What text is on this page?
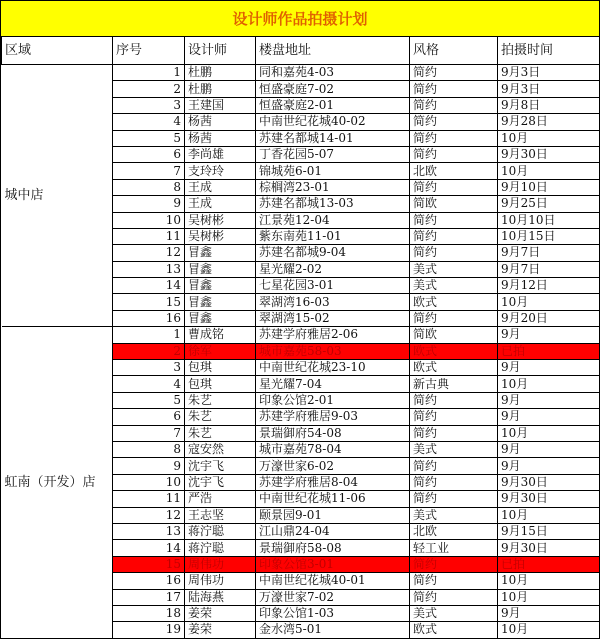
设计师作品拍摄计划
区域	序号	设计师	楼盘地址	风格	拍摄时间
城中店	1	杜鹏	同和嘉苑4-03	简约	9月3日
	2	杜鹏	恒盛豪庭7-02	简约	9月3日
	3	王建国	恒盛豪庭2-01	简约	9月8日
	4	杨茜	中南世纪花城40-02	简约	9月28日
	5	杨茜	苏建名都城14-01	简约	10月
	6	李尚雄	丁香花园5-07	简约	9月30日
	7	支玲玲	锦城苑6-01	北欧	10月
	8	王成	棕榈湾23-01	简约	9月10日
	9	王成	苏建名都城13-03	简欧	9月25日
	10	吴树彬	江景苑12-04	简约	10月10日
	11	吴树彬	紫东南苑11-01	简约	10月15日
	12	冒鑫	苏建名都城9-04	简约	9月7日
	13	冒鑫	星光耀2-02	美式	9月7日
	14	冒鑫	七星花园3-01	美式	9月12日
	15	冒鑫	翠湖湾16-03	欧式	10月
	16	冒鑫	翠湖湾15-02	简约	9月20日
虹南（开发）店	1	曹成铭	苏建学府雅居2-06	简欧	9月
	2	徐军	城市嘉苑58-03	欧式	已拍
	3	包琪	中南世纪花城23-10	欧式	9月
	4	包琪	星光耀7-04	新古典	10月
	5	朱艺	印象公馆2-01	简约	9月
	6	朱艺	苏建学府雅居9-03	简约	9月
	7	朱艺	景瑞御府54-08	简约	10月
	8	寇安然	城市嘉苑78-04	美式	9月
	9	沈宇飞	万濠世家6-02	简约	9月
	10	沈宇飞	苏建学府雅居8-04	简约	9月30日
	11	严浩	中南世纪花城11-06	简约	9月30日
	12	王志坚	颐景园9-01	美式	10月
	13	蒋泞聪	江山鼎24-04	北欧	9月15日
	14	蒋泞聪	景瑞御府58-08	轻工业	9月30日
	15	周伟功	印象公馆3-01	简约	已拍
	16	周伟功	中南世纪花城40-01	简约	10月
	17	陆海燕	万濠世家7-02	简约	10月
	18	姜荣	印象公馆1-03	美式	9月
	19	姜荣	金水湾5-01	欧式	10月
